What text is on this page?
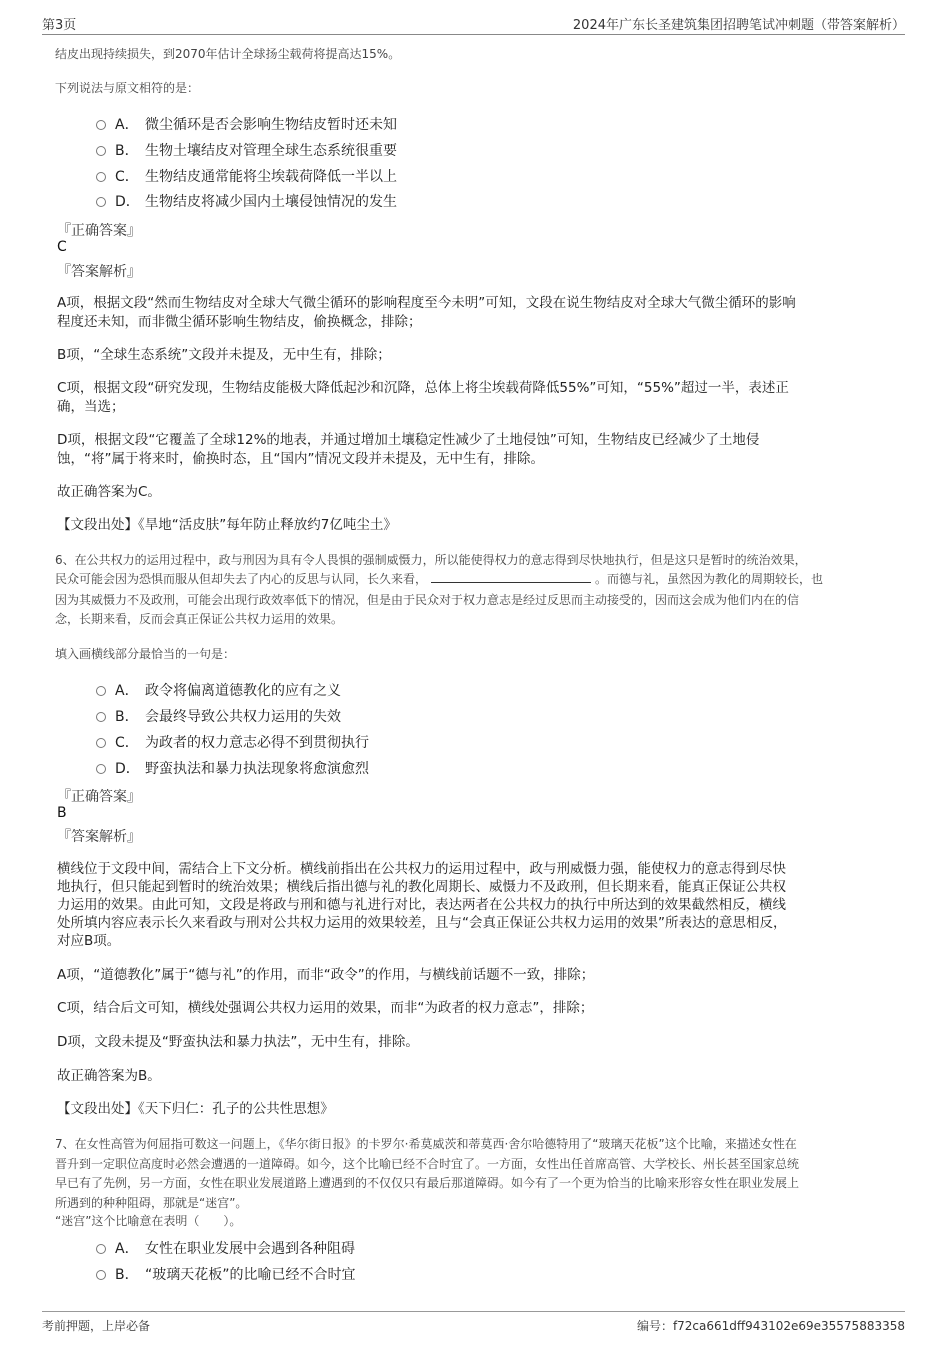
第3页	2024年广东长圣建筑集团招聘笔试冲刺题（带答案解析）
结皮出现持续损失，到2070年估计全球扬尘载荷将提高达15%。
下列说法与原文相符的是：
A． 微尘循环是否会影响生物结皮暂时还未知
B． 生物土壤结皮对管理全球生态系统很重要
C． 生物结皮通常能将尘埃载荷降低一半以上
D． 生物结皮将减少国内土壤侵蚀情况的发生
『正确答案』
C
『答案解析』
A项，根据文段“然而生物结皮对全球大气微尘循环的影响程度至今未明”可知，文段在说生物结皮对全球大气微尘循环的影响
程度还未知，而非微尘循环影响生物结皮，偷换概念，排除；
B项，“全球生态系统”文段并未提及，无中生有，排除；
C项，根据文段“研究发现，生物结皮能极大降低起沙和沉降，总体上将尘埃载荷降低55%”可知，“55%”超过一半，表述正
确，当选；
D项，根据文段“它覆盖了全球12%的地表，并通过增加土壤稳定性减少了土地侵蚀”可知，生物结皮已经减少了土地侵
蚀，“将”属于将来时，偷换时态，且“国内”情况文段并未提及，无中生有，排除。
故正确答案为C。
【文段出处】《旱地“活皮肤”每年防止释放约7亿吨尘土》
6、在公共权力的运用过程中，政与刑因为具有令人畏惧的强制威慑力，所以能使得权力的意志得到尽快地执行，但是这只是暂时的统治效果，
民众可能会因为恐惧而服从但却失去了内心的反思与认同，长久来看，	。而德与礼，虽然因为教化的周期较长，也
因为其威慑力不及政刑，可能会出现行政效率低下的情况，但是由于民众对于权力意志是经过反思而主动接受的，因而这会成为他们内在的信
念，长期来看，反而会真正保证公共权力运用的效果。
填入画横线部分最恰当的一句是：
A． 政令将偏离道德教化的应有之义
B． 会最终导致公共权力运用的失效
C． 为政者的权力意志必得不到贯彻执行
D． 野蛮执法和暴力执法现象将愈演愈烈
『正确答案』
B
『答案解析』
横线位于文段中间，需结合上下文分析。横线前指出在公共权力的运用过程中，政与刑威慑力强，能使权力的意志得到尽快
地执行，但只能起到暂时的统治效果；横线后指出德与礼的教化周期长、威慑力不及政刑，但长期来看，能真正保证公共权
力运用的效果。由此可知，文段是将政与刑和德与礼进行对比，表达两者在公共权力的执行中所达到的效果截然相反，横线
处所填内容应表示长久来看政与刑对公共权力运用的效果较差，且与“会真正保证公共权力运用的效果”所表达的意思相反，
对应B项。
A项，“道德教化”属于“德与礼”的作用，而非“政令”的作用，与横线前话题不一致，排除；
C项，结合后文可知，横线处强调公共权力运用的效果，而非“为政者的权力意志”，排除；
D项，文段未提及“野蛮执法和暴力执法”，无中生有，排除。
故正确答案为B。
【文段出处】《天下归仁：孔子的公共性思想》
7、在女性高管为何屈指可数这一问题上，《华尔街日报》的卡罗尔·希莫威茨和蒂莫西·舍尔哈德特用了“玻璃天花板”这个比喻，来描述女性在
晋升到一定职位高度时必然会遭遇的一道障碍。如今，这个比喻已经不合时宜了。一方面，女性出任首席高管、大学校长、州长甚至国家总统
早已有了先例，另一方面，女性在职业发展道路上遭遇到的不仅仅只有最后那道障碍。如今有了一个更为恰当的比喻来形容女性在职业发展上
所遇到的种种阻碍，那就是“迷宫”。
“迷宫”这个比喻意在表明（　　）。
A． 女性在职业发展中会遇到各种阻碍
B． “玻璃天花板”的比喻已经不合时宜
考前押题，上岸必备	编号：f72ca661dff943102e69e35575883358
